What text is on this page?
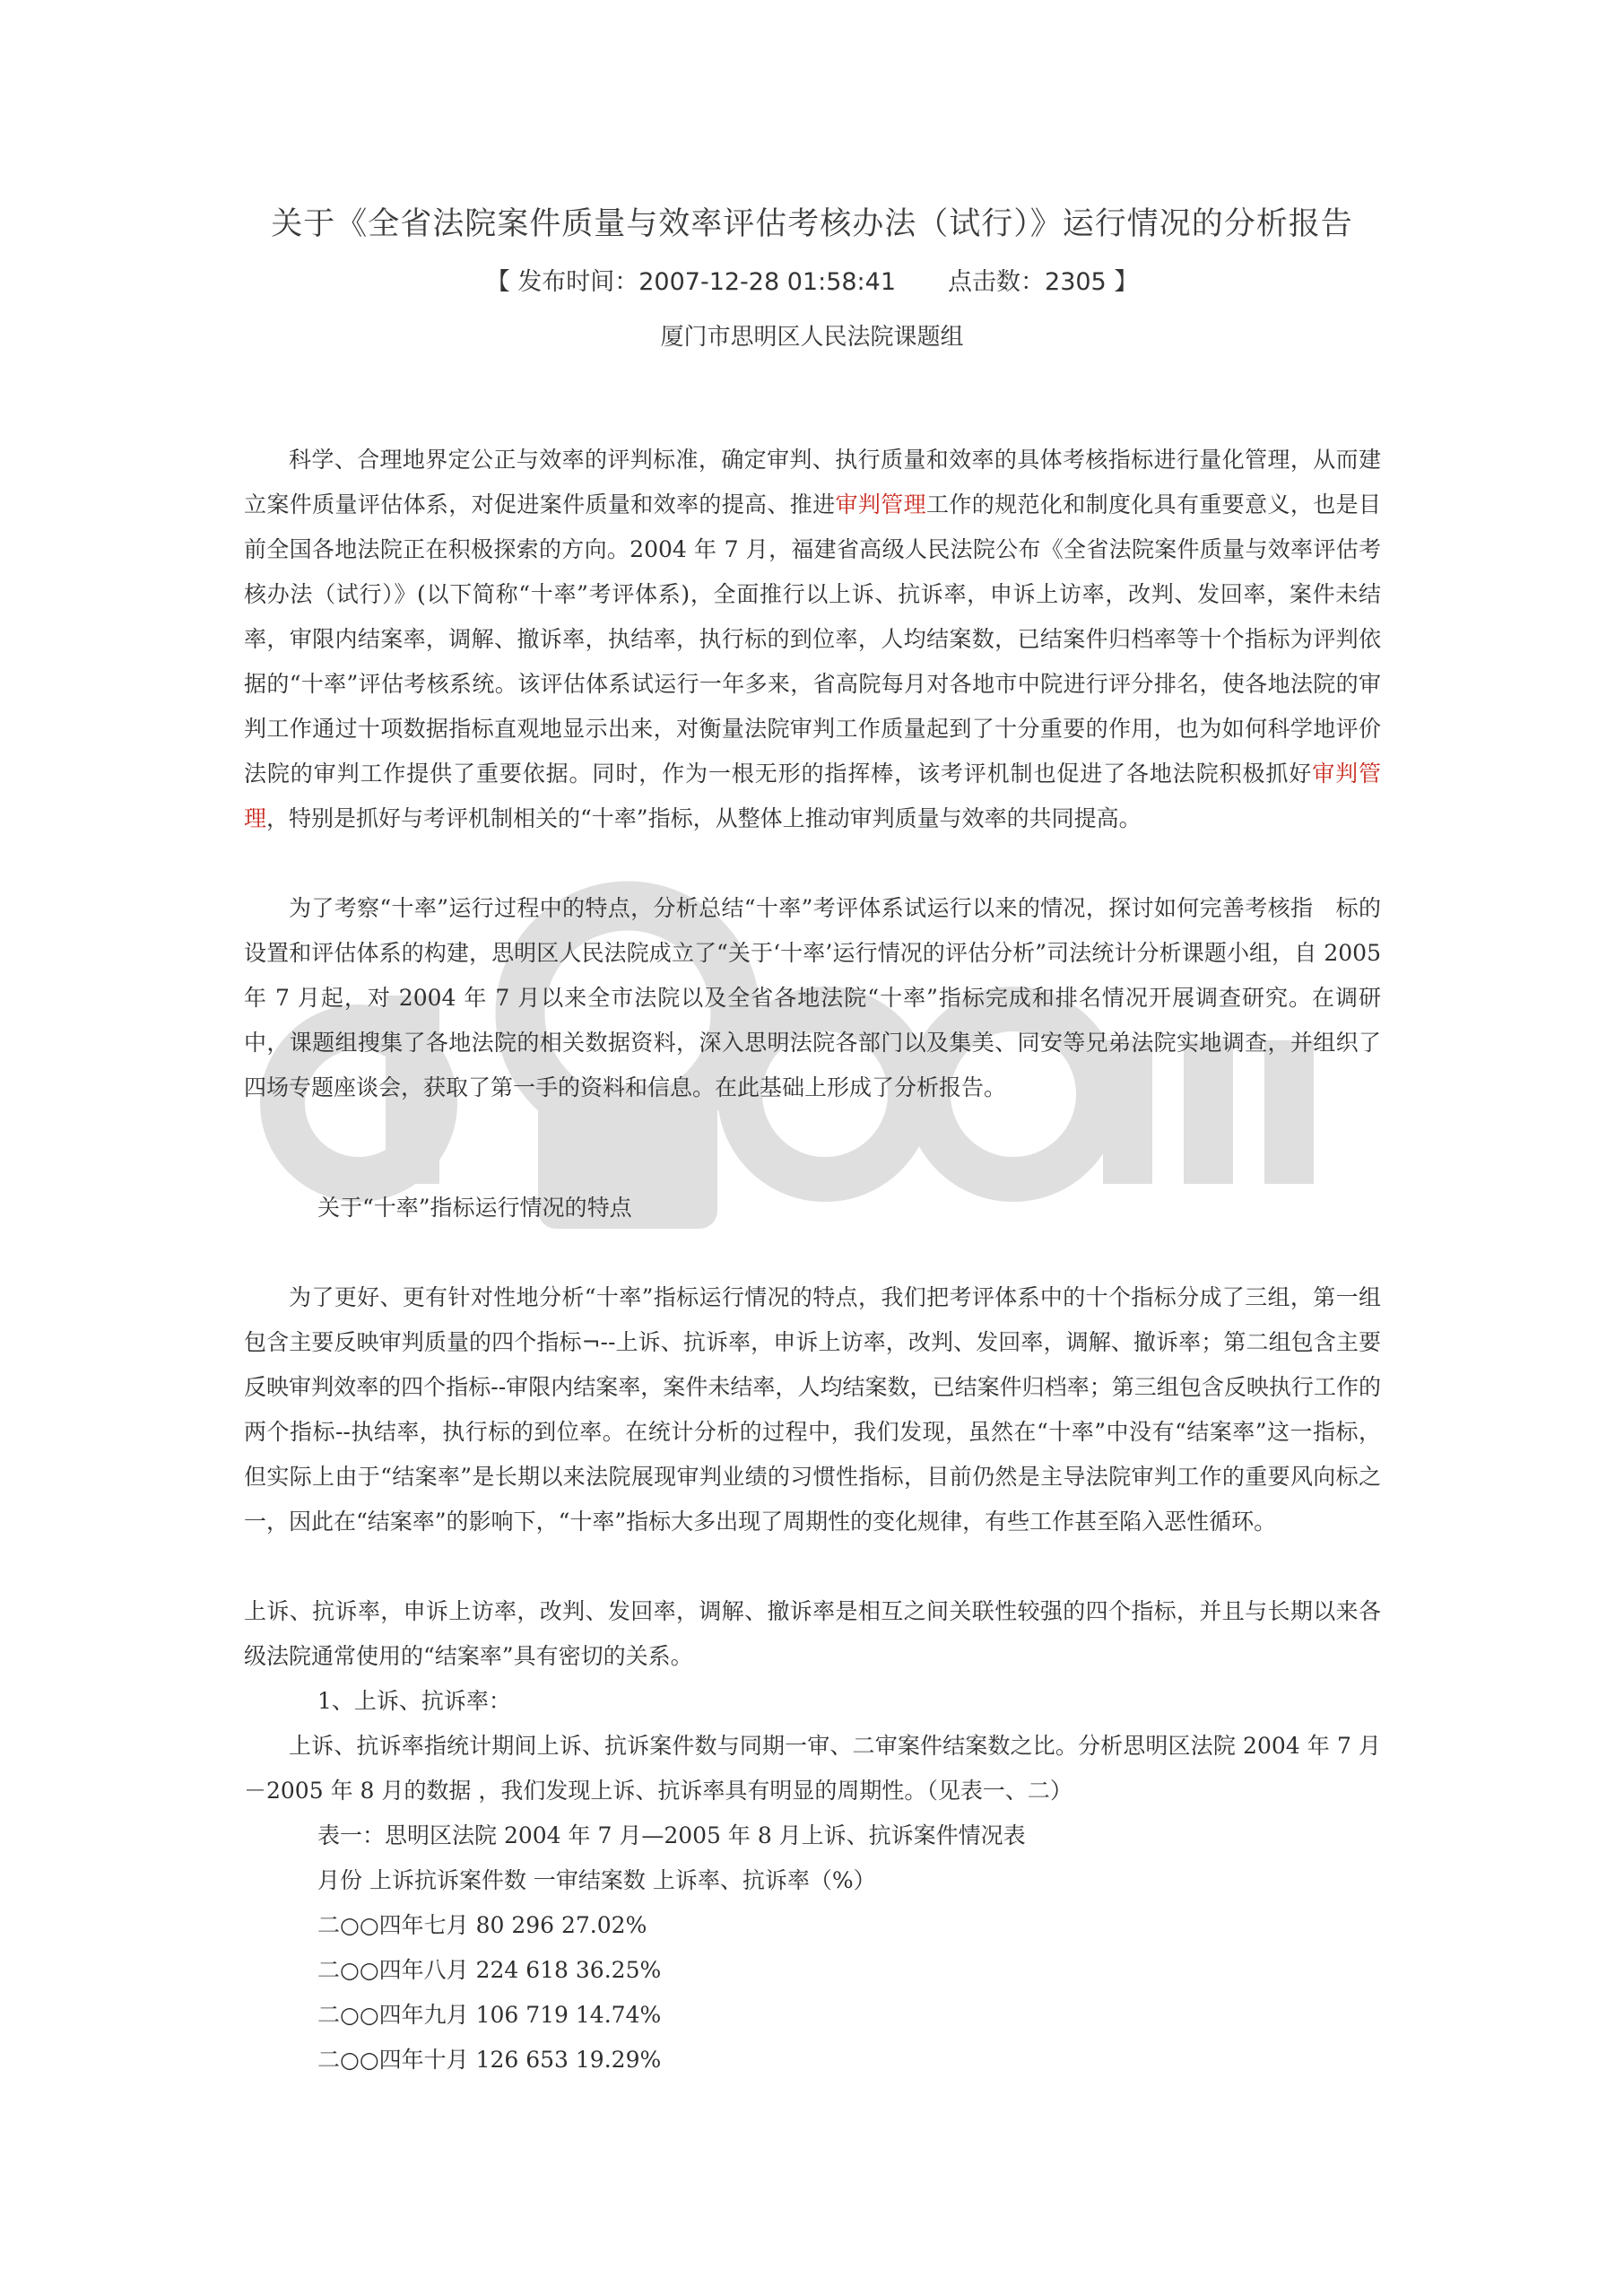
关于《全省法院案件质量与效率评估考核办法（试行）》运行情况的分析报告
【 发布时间：2007-12-28 01:58:41 点击数：2305 】
厦门市思明区人民法院课题组

科学、合理地界定公正与效率的评判标准，确定审判、执行质量和效率的具体考核指标进行量化管理，从而建立案件质量评估体系，对促进案件质量和效率的提高、推进审判管理工作的规范化和制度化具有重要意义，也是目前全国各地法院正在积极探索的方向。2004 年 7 月，福建省高级人民法院公布《全省法院案件质量与效率评估考核办法（试行）》(以下简称“十率”考评体系)，全面推行以上诉、抗诉率，申诉上访率，改判、发回率，案件未结率，审限内结案率，调解、撤诉率，执结率，执行标的到位率，人均结案数，已结案件归档率等十个指标为评判依据的“十率”评估考核系统。该评估体系试运行一年多来，省高院每月对各地市中院进行评分排名，使各地法院的审判工作通过十项数据指标直观地显示出来，对衡量法院审判工作质量起到了十分重要的作用，也为如何科学地评价法院的审判工作提供了重要依据。同时，作为一根无形的指挥棒，该考评机制也促进了各地法院积极抓好审判管理，特别是抓好与考评机制相关的“十率”指标，从整体上推动审判质量与效率的共同提高。

为了考察“十率”运行过程中的特点，分析总结“十率”考评体系试运行以来的情况，探讨如何完善考核指　标的设置和评估体系的构建，思明区人民法院成立了“关于‘十率’运行情况的评估分析”司法统计分析课题小组，自 2005 年 7 月起，对 2004 年 7 月以来全市法院以及全省各地法院“十率”指标完成和排名情况开展调查研究。在调研中，课题组搜集了各地法院的相关数据资料，深入思明法院各部门以及集美、同安等兄弟法院实地调查，并组织了四场专题座谈会，获取了第一手的资料和信息。在此基础上形成了分析报告。

关于“十率”指标运行情况的特点

为了更好、更有针对性地分析“十率”指标运行情况的特点，我们把考评体系中的十个指标分成了三组，第一组包含主要反映审判质量的四个指标¬--上诉、抗诉率，申诉上访率，改判、发回率，调解、撤诉率；第二组包含主要反映审判效率的四个指标--审限内结案率，案件未结率，人均结案数，已结案件归档率；第三组包含反映执行工作的两个指标--执结率，执行标的到位率。在统计分析的过程中，我们发现，虽然在“十率”中没有“结案率”这一指标，但实际上由于“结案率”是长期以来法院展现审判业绩的习惯性指标，目前仍然是主导法院审判工作的重要风向标之一，因此在“结案率”的影响下，“十率”指标大多出现了周期性的变化规律，有些工作甚至陷入恶性循环。

上诉、抗诉率，申诉上访率，改判、发回率，调解、撤诉率是相互之间关联性较强的四个指标，并且与长期以来各级法院通常使用的“结案率”具有密切的关系。

1、上诉、抗诉率：

上诉、抗诉率指统计期间上诉、抗诉案件数与同期一审、二审案件结案数之比。分析思明区法院 2004 年 7 月－2005 年 8 月的数据 ，我们发现上诉、抗诉率具有明显的周期性。（见表一、二）

表一：思明区法院 2004 年 7 月—2005 年 8 月上诉、抗诉案件情况表

月份 上诉抗诉案件数 一审结案数 上诉率、抗诉率（%）

二○○四年七月 80 296 27.02%

二○○四年八月 224 618 36.25%

二○○四年九月 106 719 14.74%

二○○四年十月 126 653 19.29%
